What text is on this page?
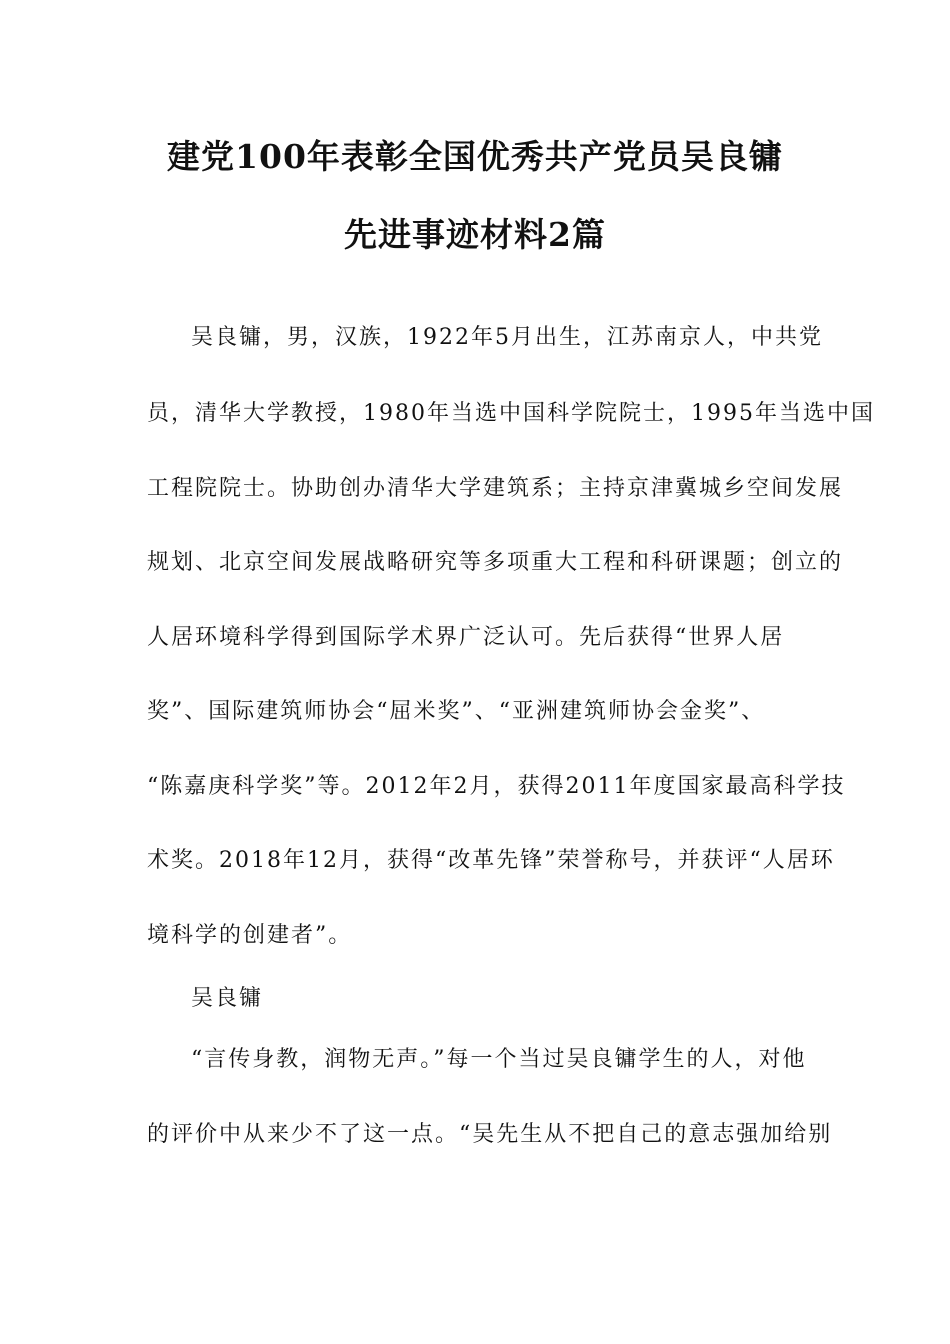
建党100年表彰全国优秀共产党员吴良镛
先进事迹材料2篇
吴良镛，男，汉族，1922年5月出生，江苏南京人，中共党
员，清华大学教授，1980年当选中国科学院院士，1995年当选中国
工程院院士。协助创办清华大学建筑系；主持京津冀城乡空间发展
规划、北京空间发展战略研究等多项重大工程和科研课题；创立的
人居环境科学得到国际学术界广泛认可。先后获得“世界人居
奖”、国际建筑师协会“屈米奖”、“亚洲建筑师协会金奖”、
“陈嘉庚科学奖”等。2012年2月，获得2011年度国家最高科学技
术奖。2018年12月，获得“改革先锋”荣誉称号，并获评“人居环
境科学的创建者”。
吴良镛
“言传身教，润物无声。”每一个当过吴良镛学生的人，对他
的评价中从来少不了这一点。“吴先生从不把自己的意志强加给别
